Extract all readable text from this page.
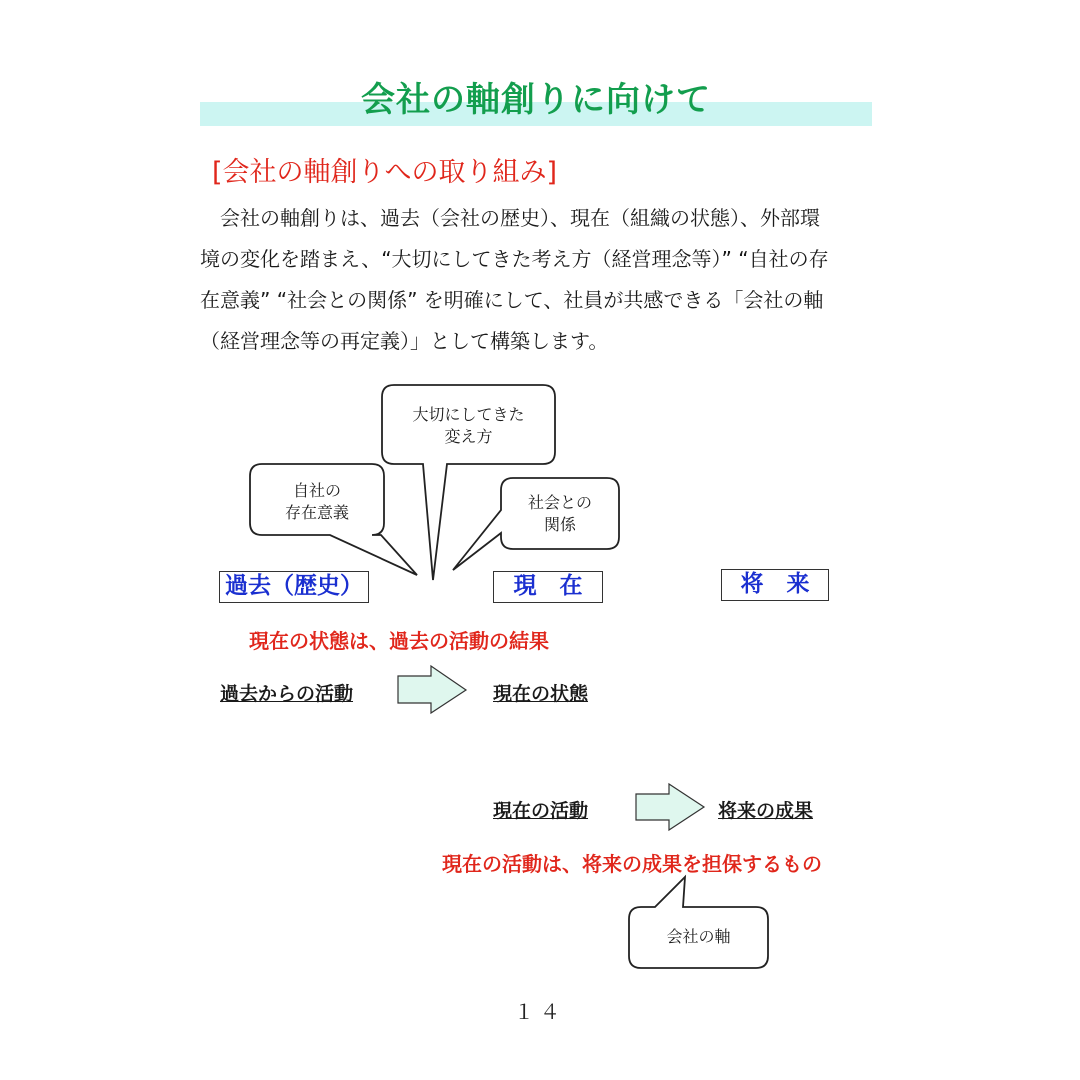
会社の軸創りに向けて
[会社の軸創りへの取り組み]

　会社の軸創りは、過去（会社の歴史）、現在（組織の状態）、外部環

境の変化を踏まえ、“大切にしてきた考え方（経営理念等）” “自社の存

在意義” “社会との関係” を明確にして、社員が共感できる「会社の軸

（経営理念等の再定義）」として構築します。

大切にしてきた
変え方
自社の
存在意義
社会との
関係
会社の軸
過去（歴史）	現　在	将　来
現在の状態は、過去の活動の結果
現在の活動は、将来の成果を担保するもの
過去からの活動	現在の状態
現在の活動	将来の成果
１４
